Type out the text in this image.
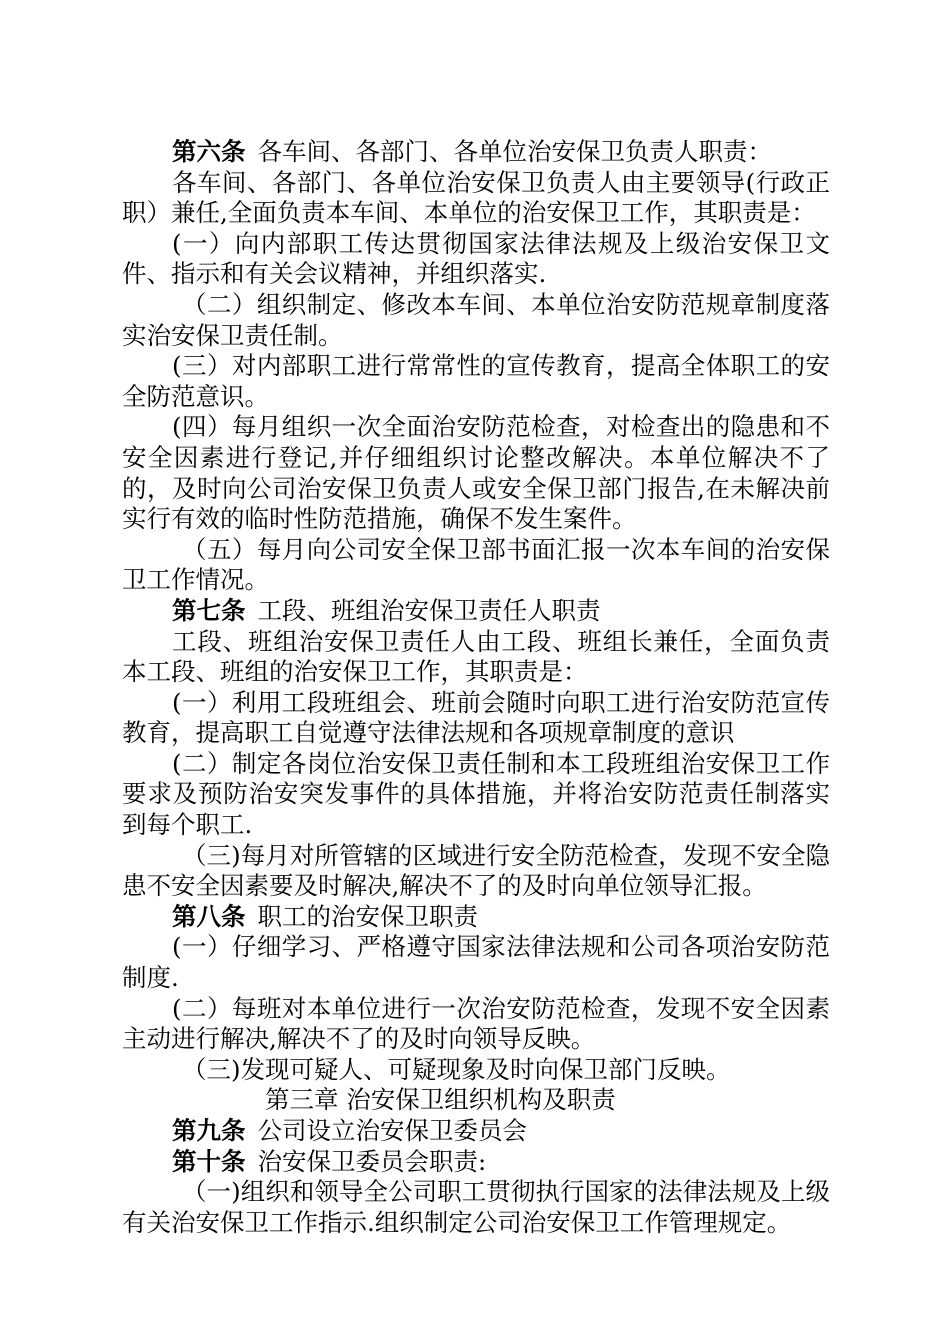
第六条 各车间、各部门、各单位治安保卫负责人职责：

各车间、各部门、各单位治安保卫负责人由主要领导(行政正职）兼任,全面负责本车间、本单位的治安保卫工作，其职责是：

(一）向内部职工传达贯彻国家法律法规及上级治安保卫文件、指示和有关会议精神，并组织落实.

（二）组织制定、修改本车间、本单位治安防范规章制度落实治安保卫责任制。

(三）对内部职工进行常常性的宣传教育，提高全体职工的安全防范意识。

(四）每月组织一次全面治安防范检查，对检查出的隐患和不安全因素进行登记,并仔细组织讨论整改解决。本单位解决不了的，及时向公司治安保卫负责人或安全保卫部门报告,在未解决前实行有效的临时性防范措施，确保不发生案件。

（五）每月向公司安全保卫部书面汇报一次本车间的治安保卫工作情况。

第七条 工段、班组治安保卫责任人职责

工段、班组治安保卫责任人由工段、班组长兼任，全面负责本工段、班组的治安保卫工作，其职责是：

(一）利用工段班组会、班前会随时向职工进行治安防范宣传教育，提高职工自觉遵守法律法规和各项规章制度的意识

(二）制定各岗位治安保卫责任制和本工段班组治安保卫工作要求及预防治安突发事件的具体措施，并将治安防范责任制落实到每个职工.

（三)每月对所管辖的区域进行安全防范检查，发现不安全隐患不安全因素要及时解决,解决不了的及时向单位领导汇报。

第八条 职工的治安保卫职责

(一）仔细学习、严格遵守国家法律法规和公司各项治安防范制度.

(二）每班对本单位进行一次治安防范检查，发现不安全因素主动进行解决,解决不了的及时向领导反映。

（三)发现可疑人、可疑现象及时向保卫部门反映。

第三章 治安保卫组织机构及职责

第九条 公司设立治安保卫委员会

第十条 治安保卫委员会职责:

（一)组织和领导全公司职工贯彻执行国家的法律法规及上级有关治安保卫工作指示.组织制定公司治安保卫工作管理规定。
